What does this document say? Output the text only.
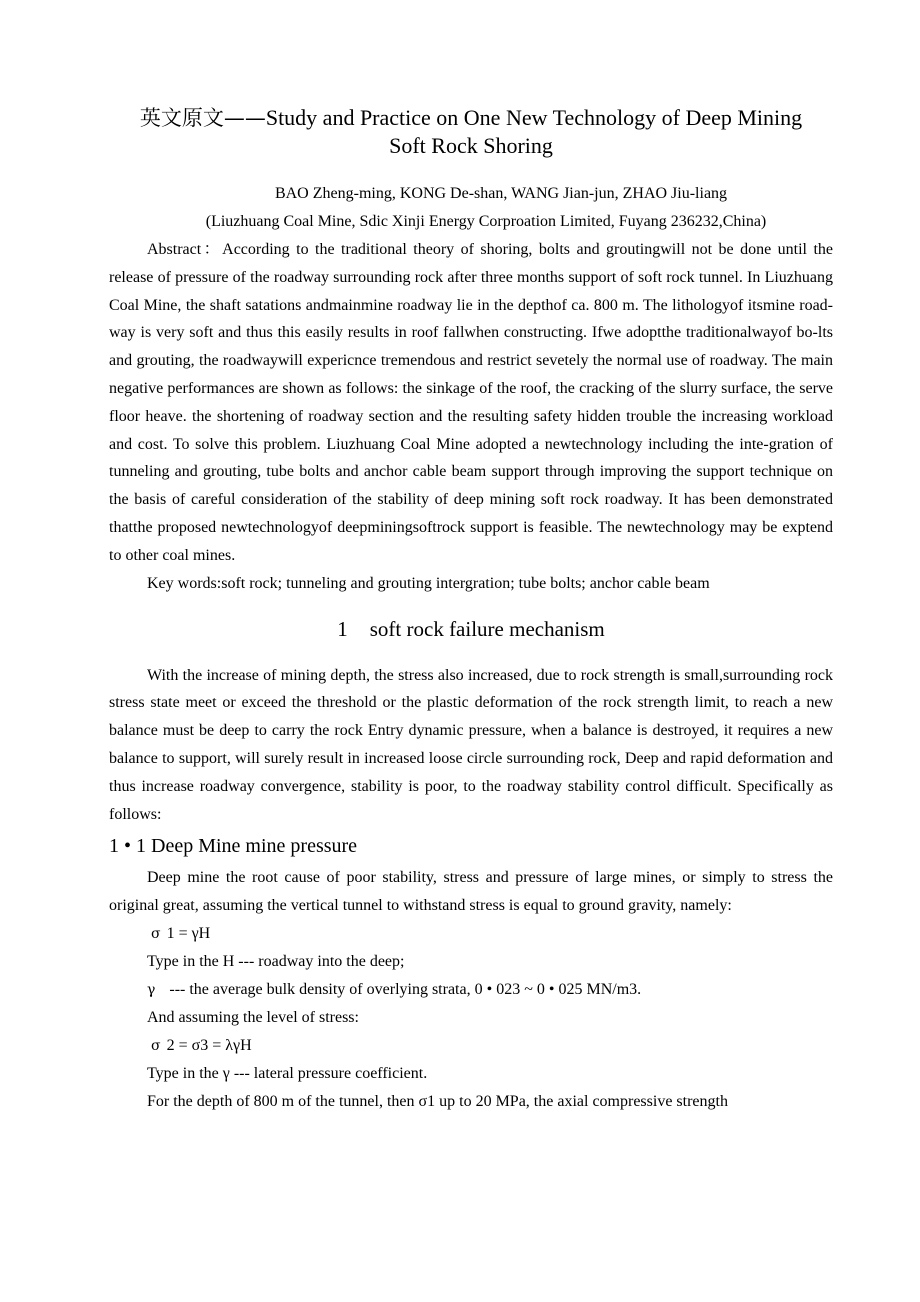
英文原文——Study and Practice on One New Technology of Deep Mining
Soft Rock Shoring
BAO Zheng-ming, KONG De-shan, WANG Jian-jun, ZHAO Jiu-liang
(Liuzhuang Coal Mine, Sdic Xinji Energy Corproation Limited, Fuyang 236232,China)

Abstract：According to the traditional theory of shoring, bolts and groutingwill not be done until the release of pressure of the roadway surrounding rock after three months support of soft rock tunnel. In Liuzhuang Coal Mine, the shaft satations andmainmine roadway lie in the depthof ca. 800 m. The lithologyof itsmine road-way is very soft and thus this easily results in roof fallwhen constructing. Ifwe adoptthe traditionalwayof bo-lts and grouting, the roadwaywill expericnce tremendous and restrict sevetely the normal use of roadway. The main negative performances are shown as follows: the sinkage of the roof, the cracking of the slurry surface, the serve floor heave. the shortening of roadway section and the resulting safety hidden trouble the increasing workload and cost. To solve this problem. Liuzhuang Coal Mine adopted a newtechnology including the inte-gration of tunneling and grouting, tube bolts and anchor cable beam support through improving the support technique on the basis of careful consideration of the stability of deep mining soft rock roadway. It has been demonstrated thatthe proposed newtechnologyof deepminingsoftrock support is feasible. The newtechnology may be exptend to other coal mines.

Key words:soft rock; tunneling and grouting intergration; tube bolts; anchor cable beam

1 soft rock failure mechanism

With the increase of mining depth, the stress also increased, due to rock strength is small,surrounding rock stress state meet or exceed the threshold or the plastic deformation of the rock strength limit, to reach a new balance must be deep to carry the rock Entry dynamic pressure, when a balance is destroyed, it requires a new balance to support, will surely result in increased loose circle surrounding rock, Deep and rapid deformation and thus increase roadway convergence, stability is poor, to the roadway stability control difficult. Specifically as follows:

1 • 1 Deep Mine mine pressure

Deep mine the root cause of poor stability, stress and pressure of large mines, or simply to stress the original great, assuming the vertical tunnel to withstand stress is equal to ground gravity, namely:

σ 1 = γH
Type in the H --- roadway into the deep;
γ --- the average bulk density of overlying strata, 0 • 023 ~ 0 • 025 MN/m3.
And assuming the level of stress:
σ 2 = σ3 = λγH
Type in the γ --- lateral pressure coefficient.

For the depth of 800 m of the tunnel, then σ1 up to 20 MPa, the axial compressive strength
